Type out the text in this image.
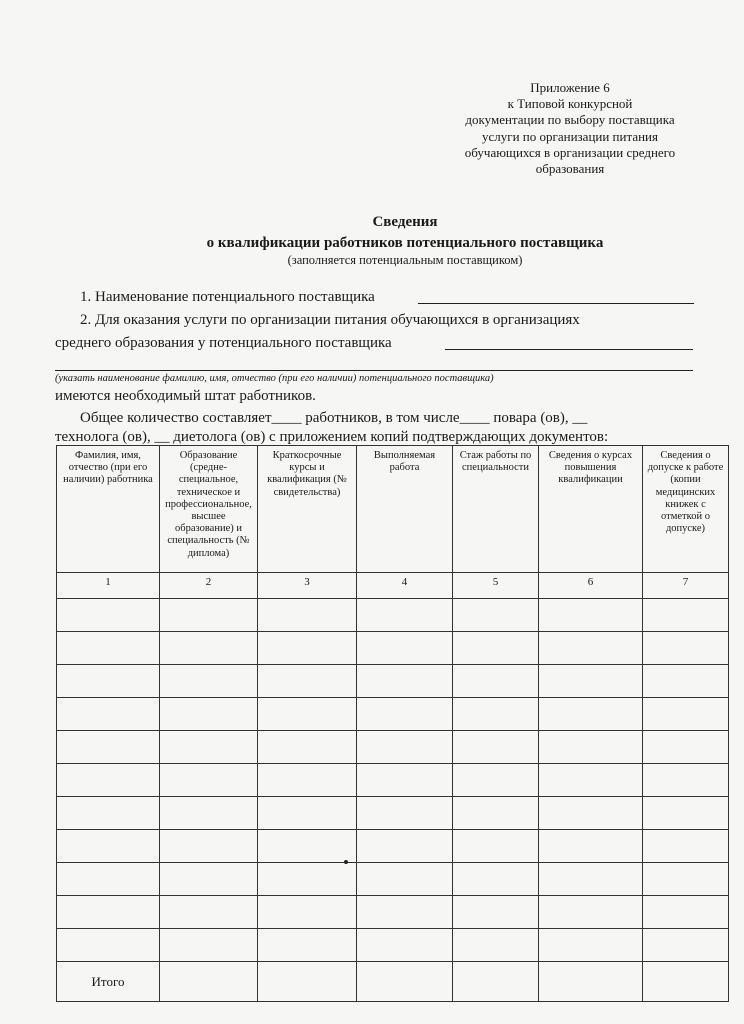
Приложение 6
к Типовой конкурсной
документации по выбору поставщика
услуги по организации питания
обучающихся в организации среднего
образования
Сведения
о квалификации работников потенциального поставщика
(заполняется потенциальным поставщиком)
1. Наименование потенциального поставщика
2. Для оказания услуги по организации питания обучающихся в организациях
среднего образования у потенциального поставщика
(указать наименование фамилию, имя, отчество (при его наличии) потенциального поставщика)
имеются необходимый штат работников.
Общее количество составляет____ работников, в том числе____ повара (ов), __
технолога (ов), __ диетолога (ов) с приложением копий подтверждающих документов:
Фамилия, имя, отчество (при его наличии) работника	Образование (средне-специальное, техническое и профессиональное, высшее образование) и специальность (№ диплома)	Краткосрочные курсы и квалификация (№ свидетельства)	Выполняемая работа	Стаж работы по специальности	Сведения о курсах повышения квалификации	Сведения о допуске к работе (копии медицинских книжек с отметкой о допуске)
1	2	3	4	5	6	7

Итого						
